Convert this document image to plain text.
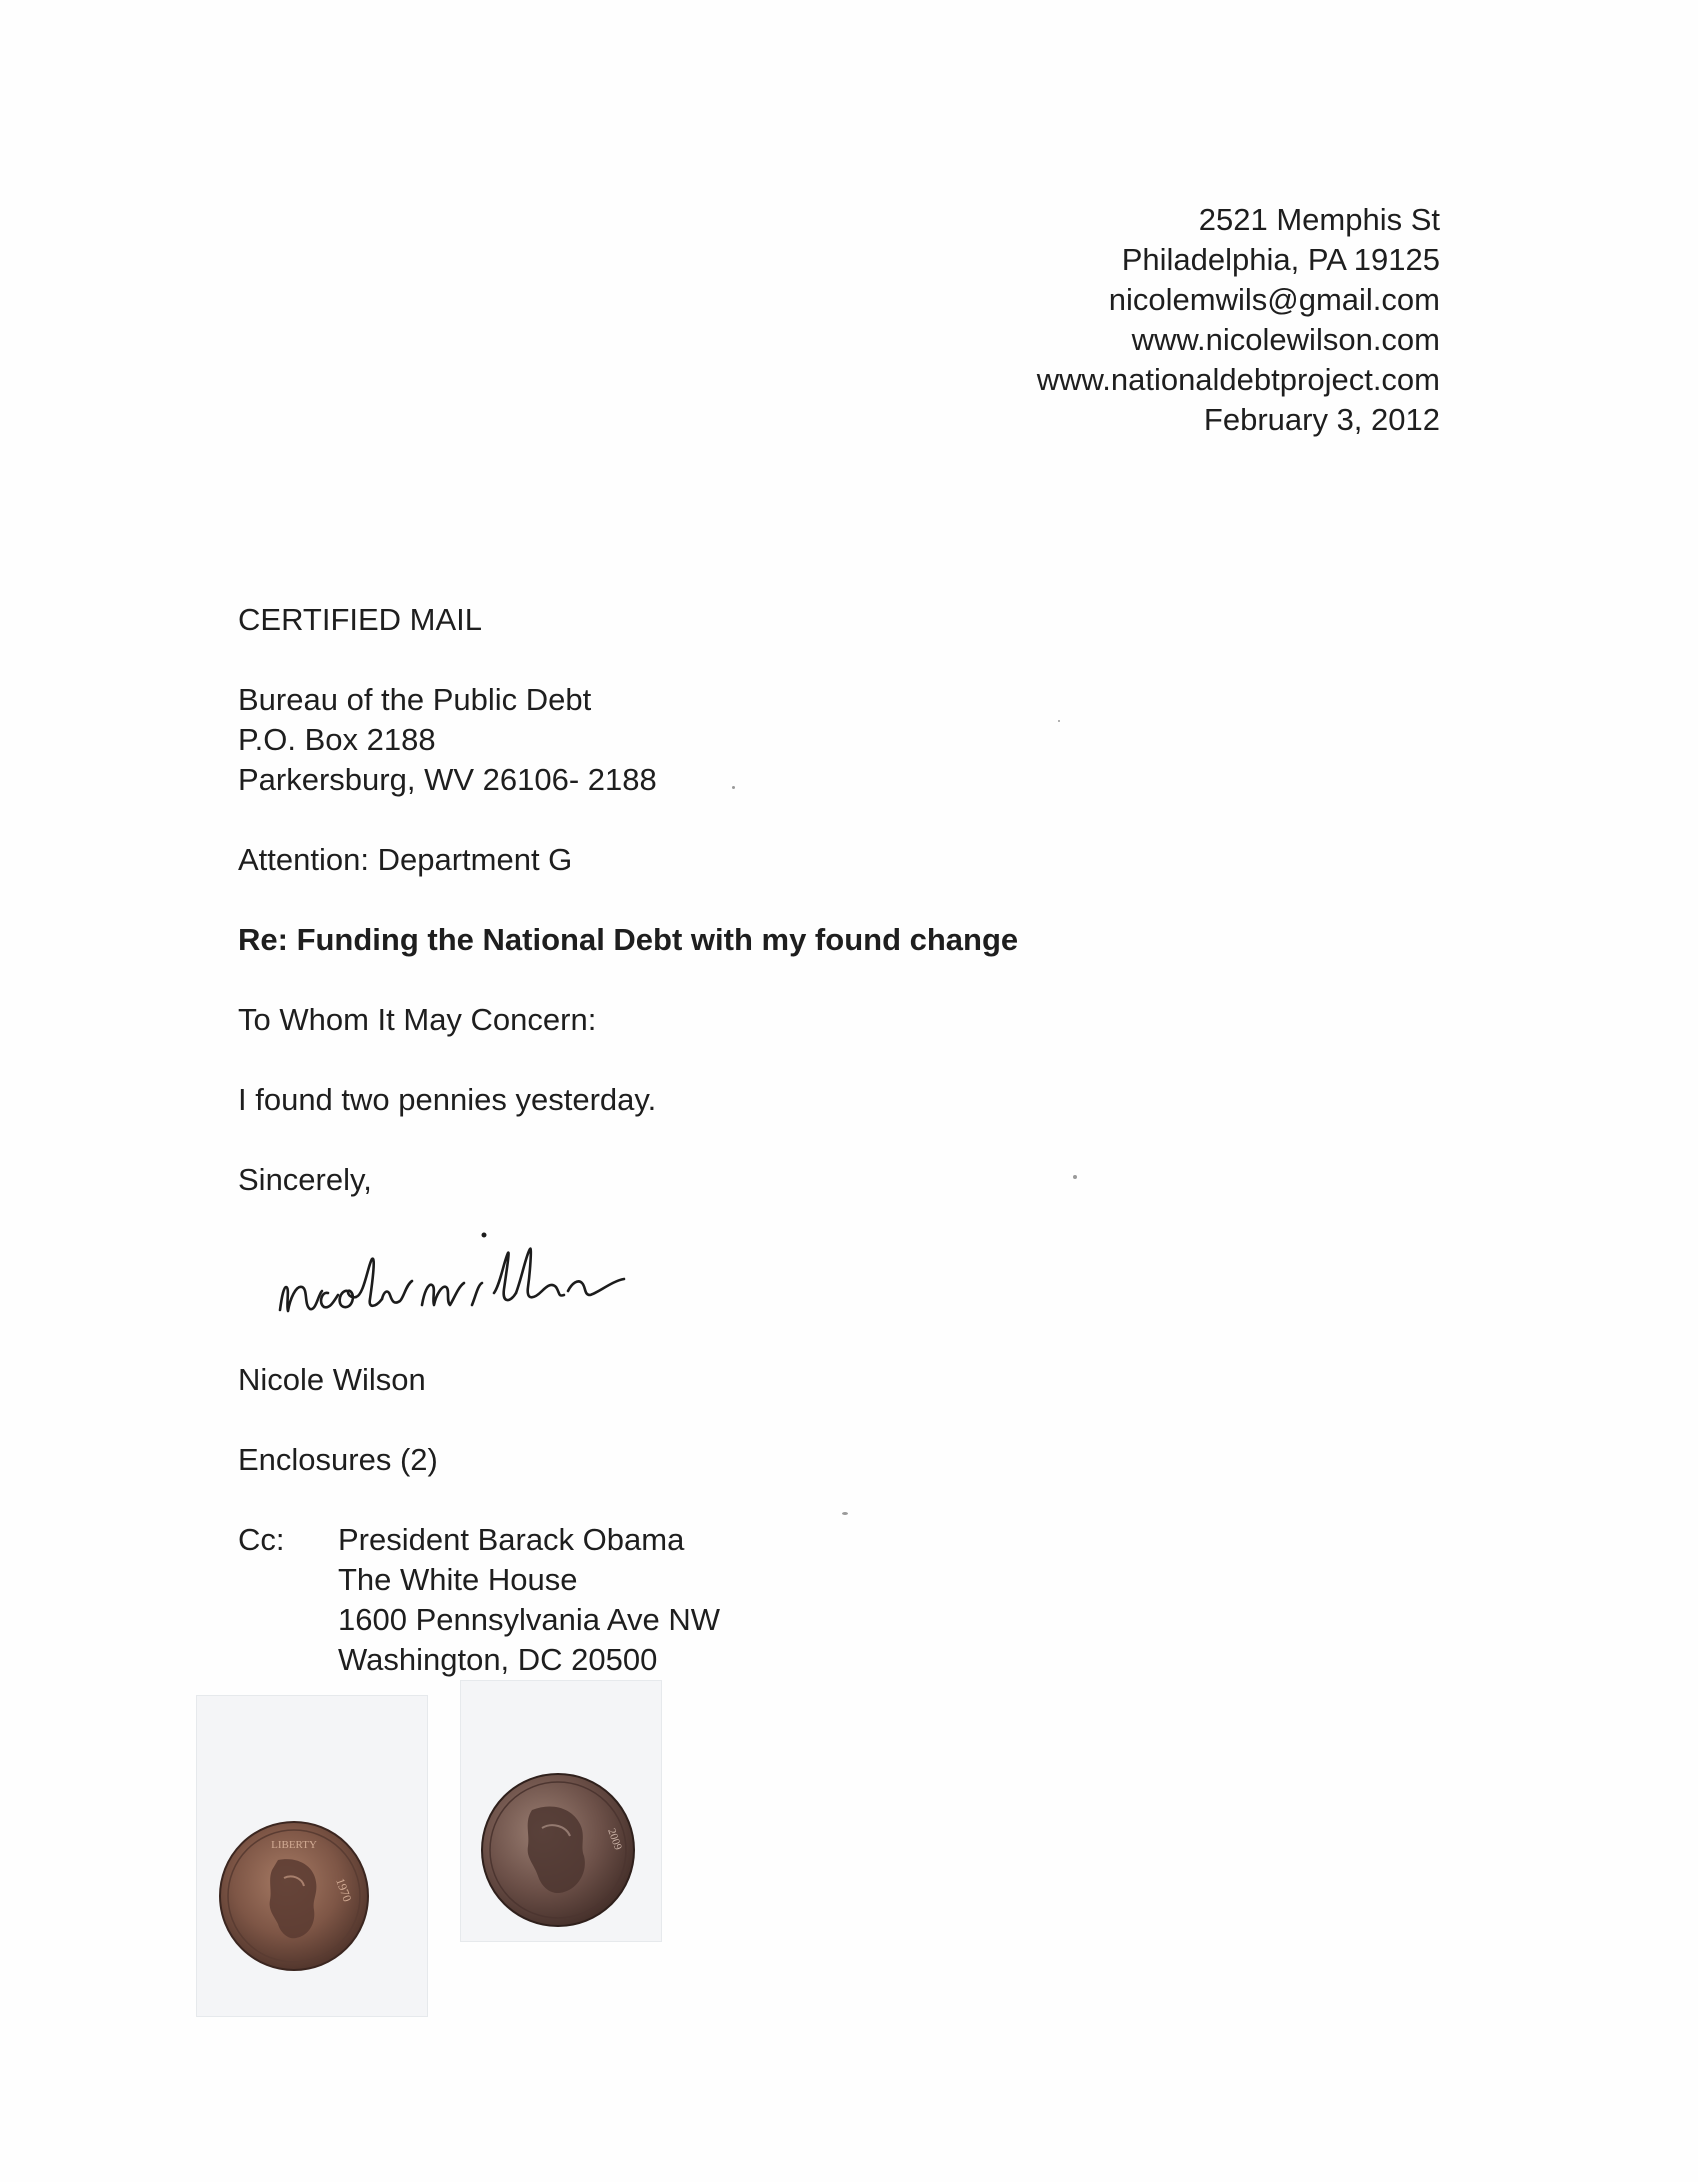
2521 Memphis St
Philadelphia, PA 19125
nicolemwils@gmail.com
www.nicolewilson.com
www.nationaldebtproject.com
February 3, 2012
CERTIFIED MAIL
Bureau of the Public Debt
P.O. Box 2188
Parkersburg, WV 26106- 2188
Attention: Department G
Re: Funding the National Debt with my found change
To Whom It May Concern:
I found two pennies yesterday.
Sincerely,
Nicole Wilson
Enclosures (2)
Cc:	President Barack Obama
The White House
1600 Pennsylvania Ave NW
Washington, DC 20500
LIBERTY
1970
2009
